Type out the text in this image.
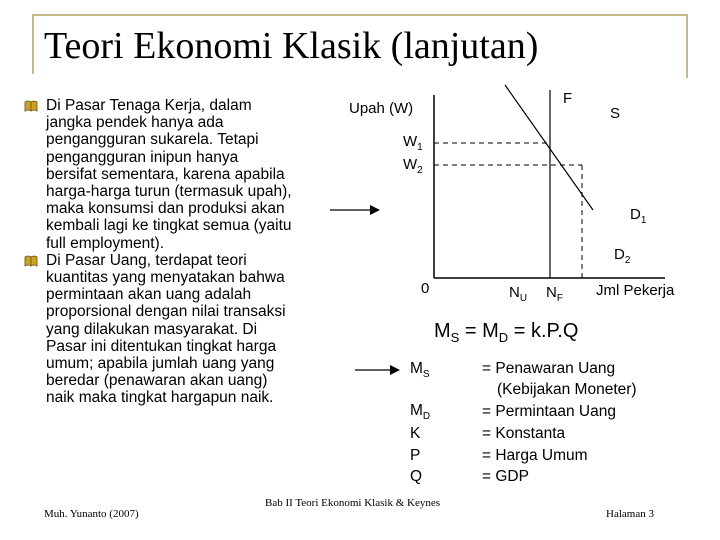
Teori Ekonomi Klasik (lanjutan)
Di Pasar Tenaga Kerja, dalam
jangka pendek hanya ada
pengangguran sukarela. Tetapi
pengangguran inipun hanya
bersifat sementara, karena apabila
harga-harga turun (termasuk upah),
maka konsumsi dan produksi akan
kembali lagi ke tingkat semua (yaitu
full employment).
Di Pasar Uang, terdapat teori
kuantitas yang menyatakan bahwa
permintaan akan uang adalah
proporsional dengan nilai transaksi
yang dilakukan masyarakat. Di
Pasar ini ditentukan tingkat harga
umum; apabila jumlah uang yang
beredar (penawaran akan uang)
naik maka tingkat hargapun naik.
Upah (W)
F
S
$W_1$
$W_2$
$D_1$
$D_2$
0	$N_U$ $N_F$ Jml Pekerja
$M_S = M_D = k.P.Q$
$M_S$	= Penawaran Uang
(Kebijakan Moneter)
$M_D$	= Permintaan Uang
K	= Konstanta
P	= Harga Umum
Q	= GDP
Muh. Yunanto (2007)
Bab II Teori Ekonomi Klasik & Keynes
Halaman 3
